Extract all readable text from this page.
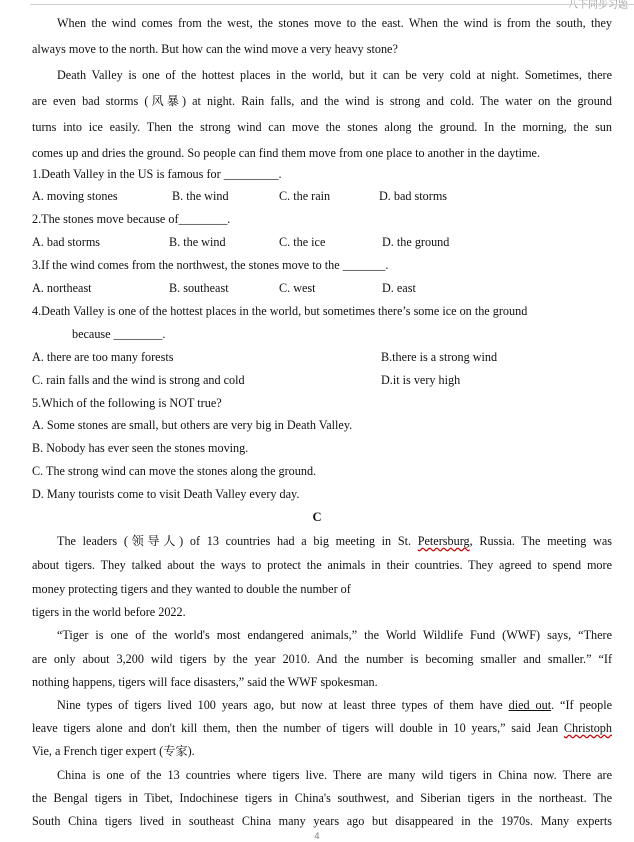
八下同步习题
When the wind comes from the west, the stones move to the east. When the wind is from the south, they
always move to the north. But how can the wind move a very heavy stone?
Death Valley is one of the hottest places in the world, but it can be very cold at night. Sometimes, there
are even bad storms (风暴) at night. Rain falls, and the wind is strong and cold. The water on the ground
turns into ice easily. Then the strong wind can move the stones along the ground. In the morning, the sun
comes up and dries the ground. So people can find them move from one place to another in the daytime.
1.Death Valley in the US is famous for _________.
A. moving stones	B. the wind	C. the rain	D. bad storms
2.The stones move because of________.
A. bad storms	B. the wind	C. the ice	D. the ground
3.If the wind comes from the northwest, the stones move to the _______.
A. northeast	B. southeast	C. west	D. east
4.Death Valley is one of the hottest places in the world, but sometimes there’s some ice on the ground
because ________.
A. there are too many forests	B.there is a strong wind
C. rain falls and the wind is strong and cold	D.it is very high
5.Which of the following is NOT true?
A. Some stones are small, but others are very big in Death Valley.
B. Nobody has ever seen the stones moving.
C. The strong wind can move the stones along the ground.
D. Many tourists come to visit Death Valley every day.
C
The leaders (领导人) of 13 countries had a big meeting in St. Petersburg, Russia. The meeting was
about tigers. They talked about the ways to protect the animals in their countries. They agreed to spend more
money protecting tigers and they wanted to double the number of
tigers in the world before 2022.
“Tiger is one of the world's most endangered animals,” the World Wildlife Fund (WWF) says, “There
are only about 3,200 wild tigers by the year 2010. And the number is becoming smaller and smaller.” “If
nothing happens, tigers will face disasters,” said the WWF spokesman.
Nine types of tigers lived 100 years ago, but now at least three types of them have died out. “If people
leave tigers alone and don't kill them, then the number of tigers will double in 10 years,” said Jean Christoph
Vie, a French tiger expert (专家).
China is one of the 13 countries where tigers live. There are many wild tigers in China now. There are
the Bengal tigers in Tibet, Indochinese tigers in China's southwest, and Siberian tigers in the northeast. The
South China tigers lived in southeast China many years ago but disappeared in the 1970s. Many experts
4
